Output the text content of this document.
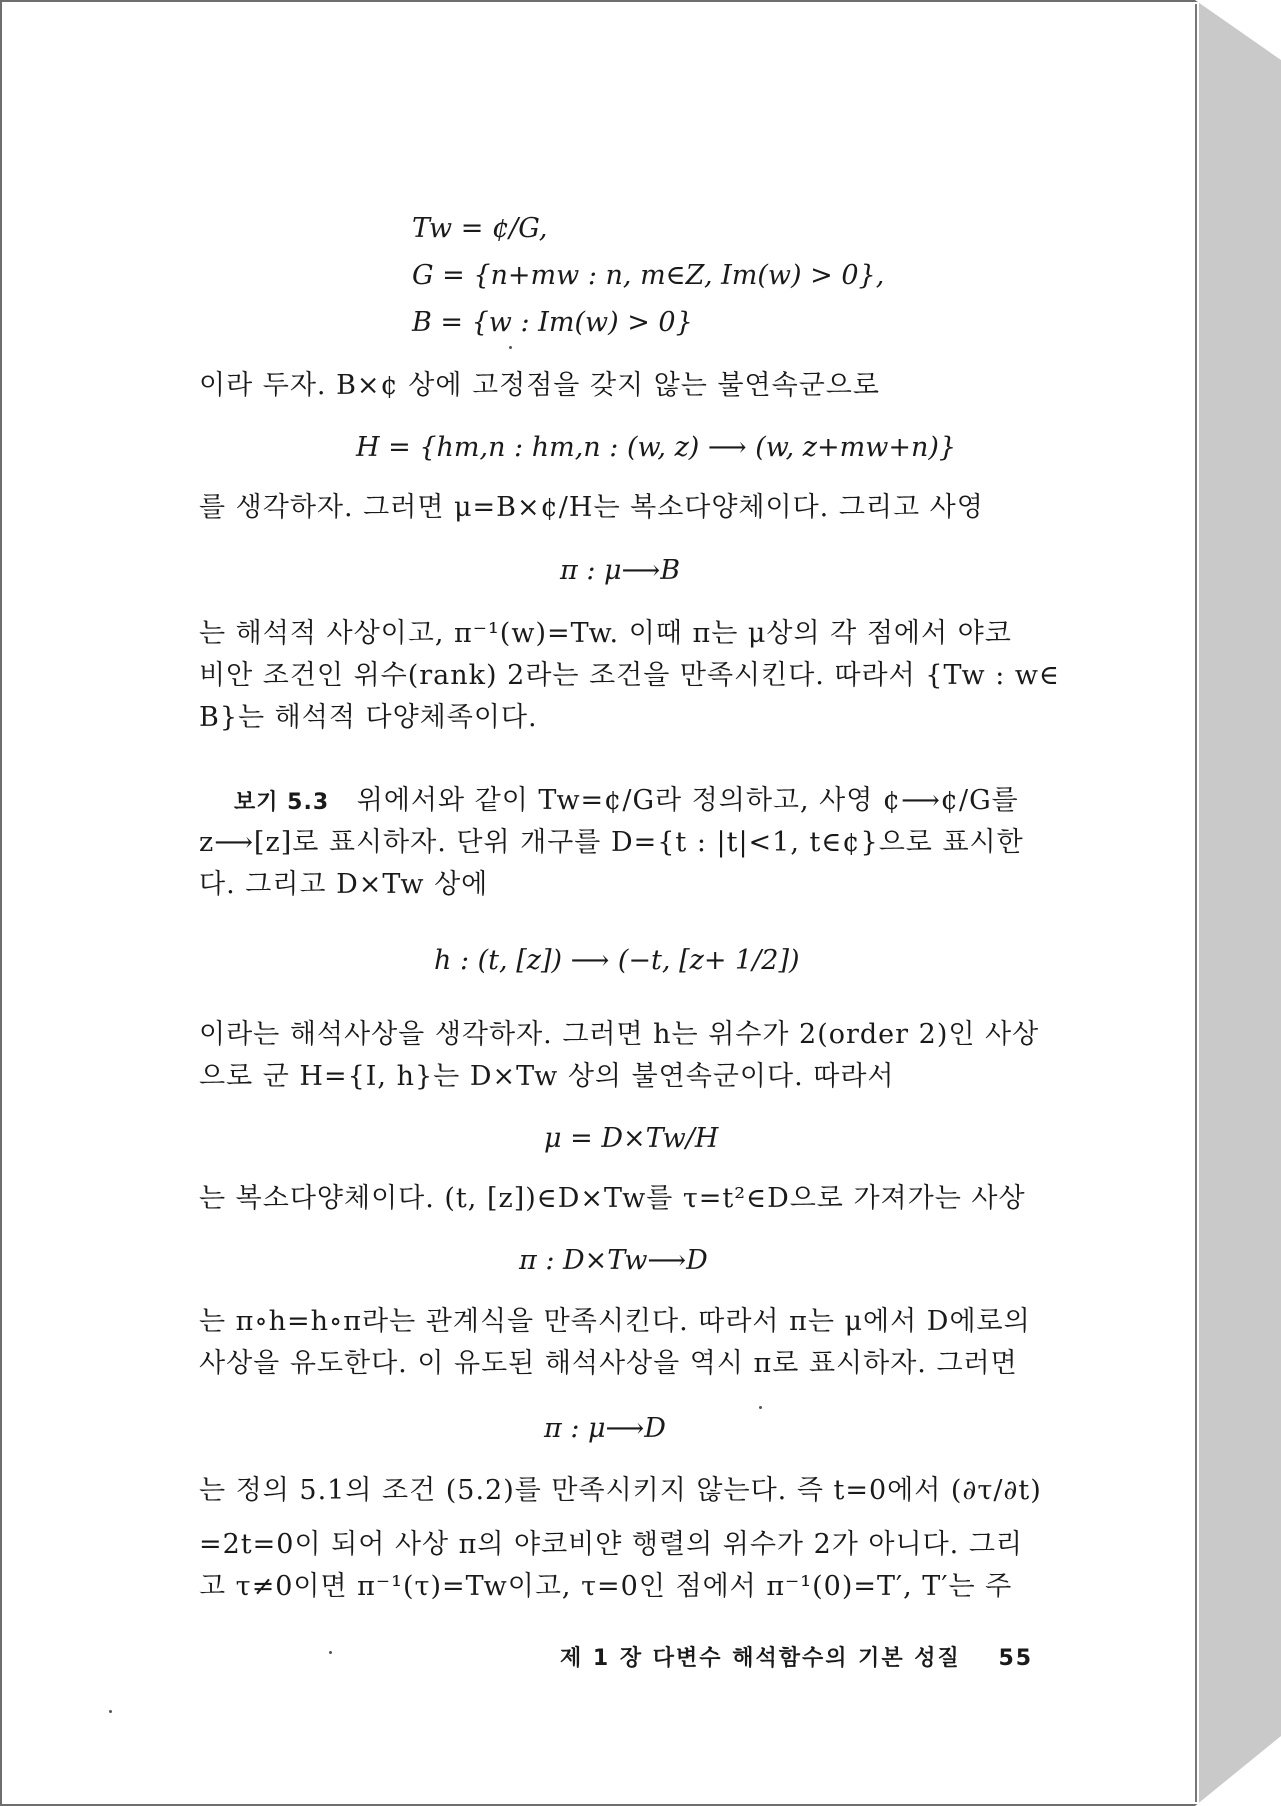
Tw = ¢/G,
G = {n+mw : n, m∈Z, Im(w) > 0},
B = {w : Im(w) > 0}
이라 두자. B×¢ 상에 고정점을 갖지 않는 불연속군으로
H = {hm,n : hm,n : (w, z) ⟶ (w, z+mw+n)}
를 생각하자. 그러면 μ=B×¢/H는 복소다양체이다. 그리고 사영
π : μ⟶B
는 해석적 사상이고, π⁻¹(w)=Tw. 이때 π는 μ상의 각 점에서 야코
비안 조건인 위수(rank) 2라는 조건을 만족시킨다. 따라서 {Tw : w∈
B}는 해석적 다양체족이다.
보기 5.3 위에서와 같이 Tw=¢/G라 정의하고, 사영 ¢⟶¢/G를
z⟶[z]로 표시하자. 단위 개구를 D={t : |t|<1, t∈¢}으로 표시한
다. 그리고 D×Tw 상에
h : (t, [z]) ⟶ (−t, [z+ 1/2])
이라는 해석사상을 생각하자. 그러면 h는 위수가 2(order 2)인 사상
으로 군 H={I, h}는 D×Tw 상의 불연속군이다. 따라서
μ = D×Tw/H
는 복소다양체이다. (t, [z])∈D×Tw를 τ=t²∈D으로 가져가는 사상
π : D×Tw⟶D
는 π∘h=h∘π라는 관계식을 만족시킨다. 따라서 π는 μ에서 D에로의
사상을 유도한다. 이 유도된 해석사상을 역시 π로 표시하자. 그러면
π : μ⟶D
는 정의 5.1의 조건 (5.2)를 만족시키지 않는다. 즉 t=0에서 (∂τ/∂t)
=2t=0이 되어 사상 π의 야코비얀 행렬의 위수가 2가 아니다. 그리
고 τ≠0이면 π⁻¹(τ)=Tw이고, τ=0인 점에서 π⁻¹(0)=T′, T′는 주
제 1 장 다변수 해석함수의 기본 성질 55
